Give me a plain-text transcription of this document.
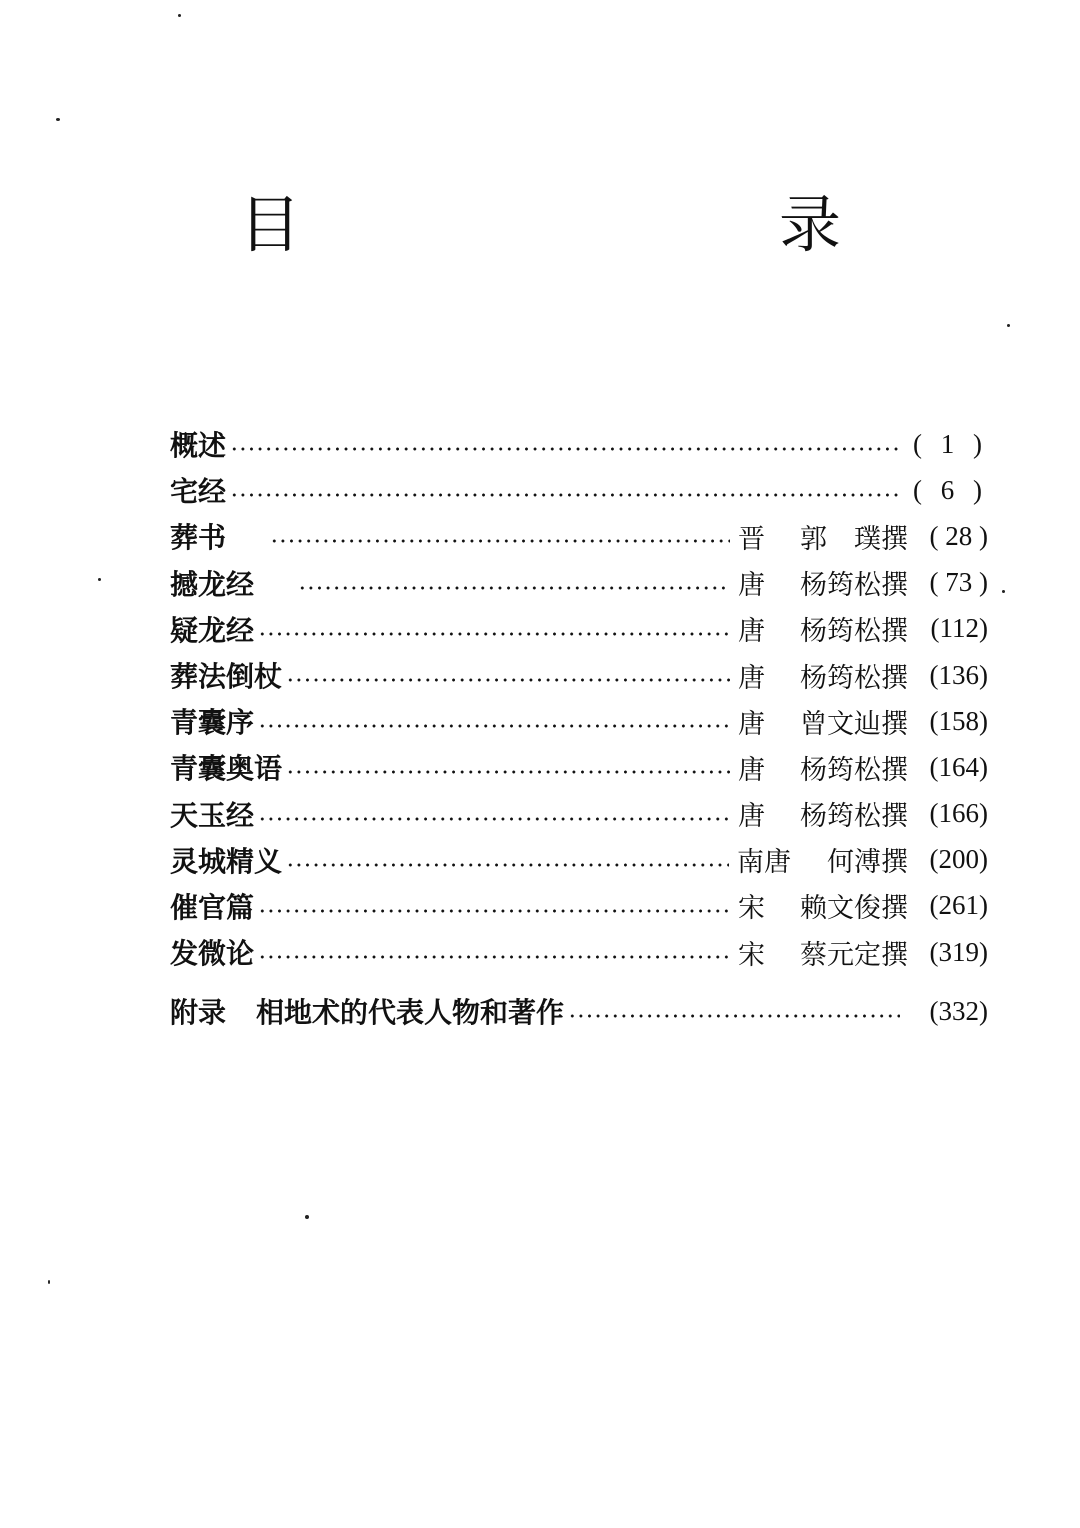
目　　录
概述	( 1 )
宅经	( 6 )
葬书	晋	郭　璞撰 ( 28 )
撼龙经	唐	杨筠松撰 ( 73 )
疑龙经	唐	杨筠松撰 (112)
葬法倒杖	唐	杨筠松撰 (136)
青囊序	唐	曾文辿撰 (158)
青囊奥语	唐	杨筠松撰 (164)
天玉经	唐	杨筠松撰 (166)
灵城精义	南唐	何溥撰 (200)
催官篇	宋	赖文俊撰 (261)
发微论	宋	蔡元定撰 (319)
附录 相地术的代表人物和著作	(332)
